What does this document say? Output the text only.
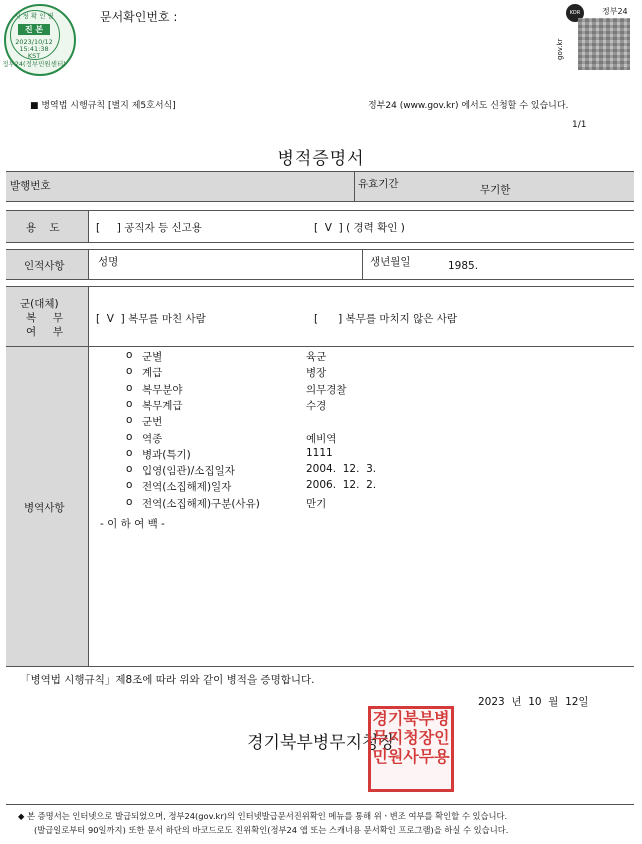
시 청 확 인 필
진 본
2023/10/12
15:41:38
KST
정부24(정부민원센터)
문서확인번호 :	KOR	정부24
gov.kr
■ 병역법 시행규칙 [별지 제5호서식]	정부24 (www.gov.kr) 에서도 신청할 수 있습니다.
1/1
병적증명서
발행번호	유효기간	무기한
용    도	[     ] 공직자 등 신고용	[  V  ] ( 경력 확인 )
인적사항	성명	생년월일	1985.
군(대체)
복     무
여     부
[  V  ] 복무를 마친 사람	[      ] 복무를 마치지 않은 사람
병역사항
o 군별	육군
o 계급	병장
o 복무분야	의무경찰
o 복무계급	수경
o 군번
o 역종	예비역
o 병과(특기)	1111
o 입영(임관)/소집일자	2004.  12.  3.
o 전역(소집해제)일자	2006.  12.  2.
o 전역(소집해제)구분(사유)	만기
- 이 하 여 백 -
「병역법 시행규칙」제8조에 따라 위와 같이 병적을 증명합니다.
2023  년  10  월  12일
경기북부병무지청장
경기북부병
무지청장인
민원사무용
◆ 본 증명서는 인터넷으로 발급되었으며, 정부24(gov.kr)의 인터넷발급문서진위확인 메뉴를 통해 위ㆍ변조 여부를 확인할 수 있습니다.
(발급일로부터 90일까지) 또한 문서 하단의 바코드로도 진위확인(정부24 앱 또는 스캐너용 문서확인 프로그램)을 하실 수 있습니다.
